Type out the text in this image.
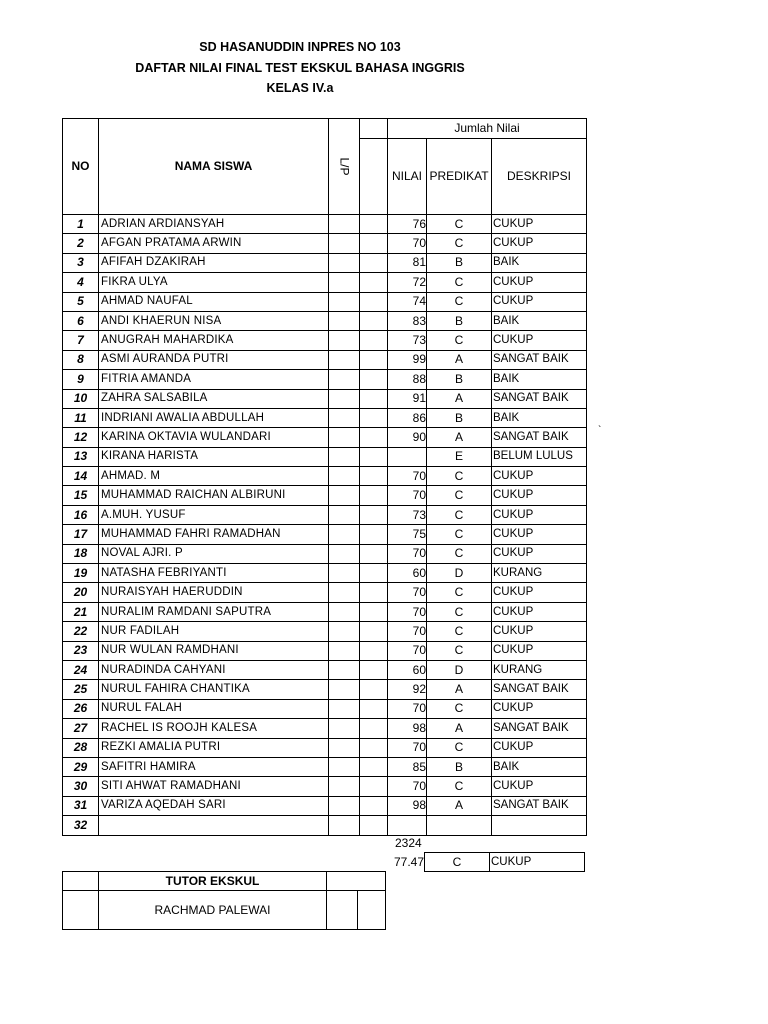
SD HASANUDDIN INPRES NO 103
DAFTAR NILAI FINAL TEST EKSKUL BAHASA INGGRIS
KELAS IV.a
NO	NAMA SISWA	L/P		Jumlah Nilai		
				NILAI	PREDIKAT	DESKRIPSI
1	ADRIAN ARDIANSYAH			76	C	CUKUP
2	AFGAN PRATAMA ARWIN			70	C	CUKUP
3	AFIFAH DZAKIRAH			81	B	BAIK
4	FIKRA ULYA			72	C	CUKUP
5	AHMAD NAUFAL			74	C	CUKUP
6	ANDI KHAERUN NISA			83	B	BAIK
7	ANUGRAH MAHARDIKA			73	C	CUKUP
8	ASMI AURANDA PUTRI			99	A	SANGAT BAIK
9	FITRIA AMANDA			88	B	BAIK
10	ZAHRA SALSABILA			91	A	SANGAT BAIK
11	INDRIANI AWALIA ABDULLAH			86	B	BAIK
12	KARINA OKTAVIA WULANDARI			90	A	SANGAT BAIK
13	KIRANA HARISTA				E	BELUM LULUS
14	AHMAD. M			70	C	CUKUP
15	MUHAMMAD RAICHAN ALBIRUNI			70	C	CUKUP
16	A.MUH. YUSUF			73	C	CUKUP
17	MUHAMMAD FAHRI RAMADHAN			75	C	CUKUP
18	NOVAL AJRI. P			70	C	CUKUP
19	NATASHA FEBRIYANTI			60	D	KURANG
20	NURAISYAH HAERUDDIN			70	C	CUKUP
21	NURALIM RAMDANI SAPUTRA			70	C	CUKUP
22	NUR FADILAH			70	C	CUKUP
23	NUR WULAN RAMDHANI			70	C	CUKUP
24	NURADINDA CAHYANI			60	D	KURANG
25	NURUL FAHIRA CHANTIKA			92	A	SANGAT BAIK
26	NURUL FALAH			70	C	CUKUP
27	RACHEL IS ROOJH KALESA			98	A	SANGAT BAIK
28	REZKI AMALIA PUTRI			70	C	CUKUP
29	SAFITRI HAMIRA			85	B	BAIK
30	SITI AHWAT RAMADHANI			70	C	CUKUP
31	VARIZA AQEDAH SARI			98	A	SANGAT BAIK
32						
2324
77.47	C	CUKUP
	TUTOR EKSKUL		
	RACHMAD PALEWAI		
`
